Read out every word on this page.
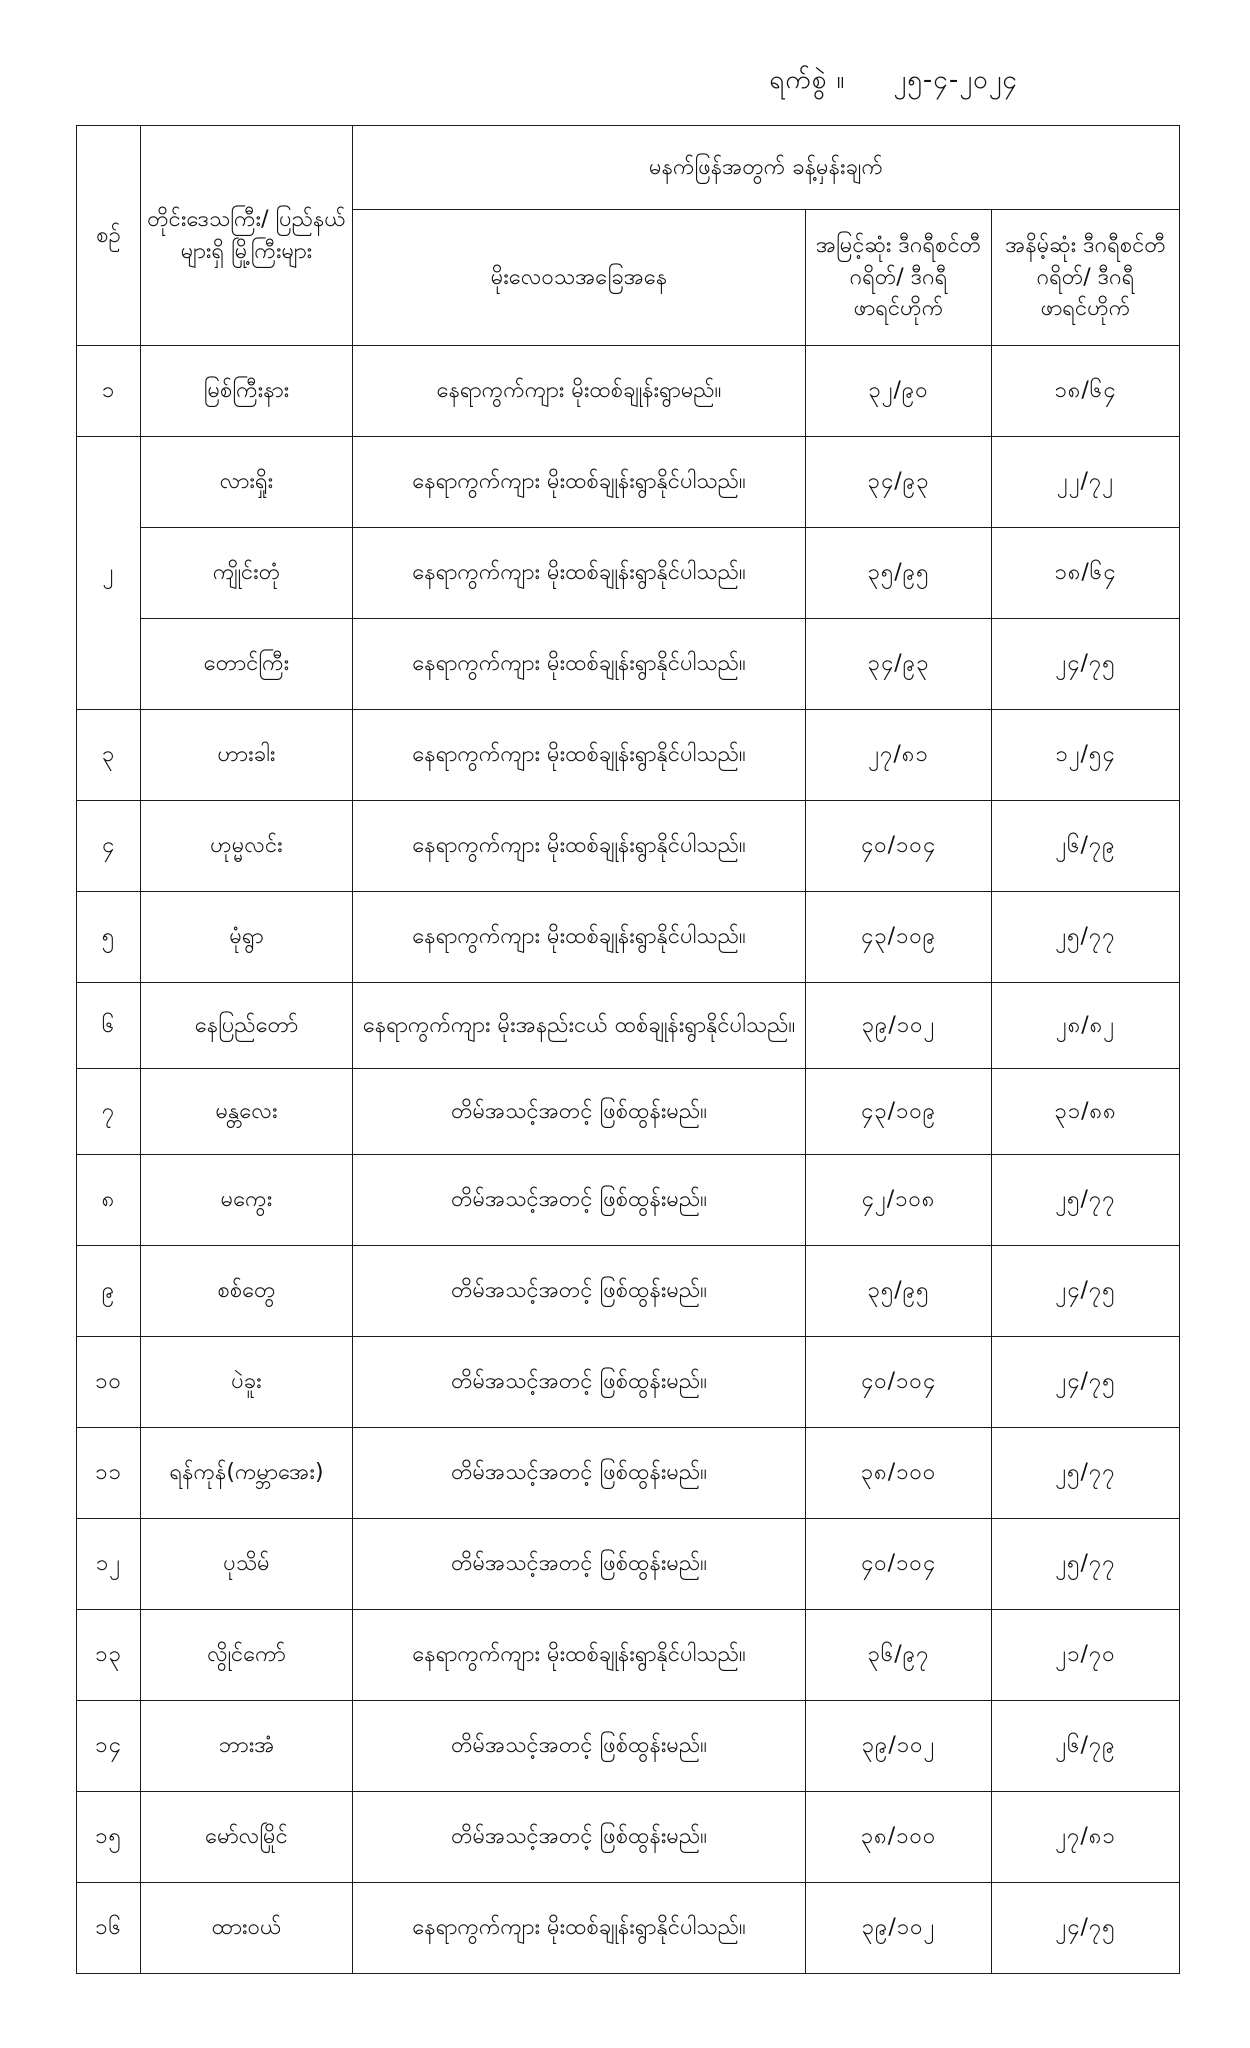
ရက်စွဲ ။ ၂၅-၄-၂၀၂၄
စဉ်	တိုင်းဒေသကြီး/ ပြည်နယ်များရှိ မြို့ကြီးများ	မနက်ဖြန်အတွက် ခန့်မှန်းချက်		
		မိုးလေဝသအခြေအနေ	အမြင့်ဆုံး ဒီဂရီစင်တီဂရိတ်/ ဒီဂရီဖာရင်ဟိုက်	အနိမ့်ဆုံး ဒီဂရီစင်တီဂရိတ်/ ဒီဂရီဖာရင်ဟိုက်
၁	မြစ်ကြီးနား	နေရာကွက်ကျား မိုးထစ်ချုန်းရွာမည်။	၃၂/၉၀	၁၈/၆၄
၂	လားရှိုး	နေရာကွက်ကျား မိုးထစ်ချုန်းရွာနိုင်ပါသည်။	၃၄/၉၃	၂၂/၇၂
	ကျိုင်းတုံ	နေရာကွက်ကျား မိုးထစ်ချုန်းရွာနိုင်ပါသည်။	၃၅/၉၅	၁၈/၆၄
	တောင်ကြီး	နေရာကွက်ကျား မိုးထစ်ချုန်းရွာနိုင်ပါသည်။	၃၄/၉၃	၂၄/၇၅
၃	ဟားခါး	နေရာကွက်ကျား မိုးထစ်ချုန်းရွာနိုင်ပါသည်။	၂၇/၈၁	၁၂/၅၄
၄	ဟုမ္မလင်း	နေရာကွက်ကျား မိုးထစ်ချုန်းရွာနိုင်ပါသည်။	၄၀/၁၀၄	၂၆/၇၉
၅	မုံရွာ	နေရာကွက်ကျား မိုးထစ်ချုန်းရွာနိုင်ပါသည်။	၄၃/၁၀၉	၂၅/၇၇
၆	နေပြည်တော်	နေရာကွက်ကျား မိုးအနည်းငယ် ထစ်ချုန်းရွာနိုင်ပါသည်။	၃၉/၁၀၂	၂၈/၈၂
၇	မန္တလေး	တိမ်အသင့်အတင့် ဖြစ်ထွန်းမည်။	၄၃/၁၀၉	၃၁/၈၈
၈	မကွေး	တိမ်အသင့်အတင့် ဖြစ်ထွန်းမည်။	၄၂/၁၀၈	၂၅/၇၇
၉	စစ်တွေ	တိမ်အသင့်အတင့် ဖြစ်ထွန်းမည်။	၃၅/၉၅	၂၄/၇၅
၁၀	ပဲခူး	တိမ်အသင့်အတင့် ဖြစ်ထွန်းမည်။	၄၀/၁၀၄	၂၄/၇၅
၁၁	ရန်ကုန်(ကမ္ဘာအေး)	တိမ်အသင့်အတင့် ဖြစ်ထွန်းမည်။	၃၈/၁၀၀	၂၅/၇၇
၁၂	ပုသိမ်	တိမ်အသင့်အတင့် ဖြစ်ထွန်းမည်။	၄၀/၁၀၄	၂၅/၇၇
၁၃	လွိုင်ကော်	နေရာကွက်ကျား မိုးထစ်ချုန်းရွာနိုင်ပါသည်။	၃၆/၉၇	၂၁/၇၀
၁၄	ဘားအံ	တိမ်အသင့်အတင့် ဖြစ်ထွန်းမည်။	၃၉/၁၀၂	၂၆/၇၉
၁၅	မော်လမြိုင်	တိမ်အသင့်အတင့် ဖြစ်ထွန်းမည်။	၃၈/၁၀၀	၂၇/၈၁
၁၆	ထားဝယ်	နေရာကွက်ကျား မိုးထစ်ချုန်းရွာနိုင်ပါသည်။	၃၉/၁၀၂	၂၄/၇၅
